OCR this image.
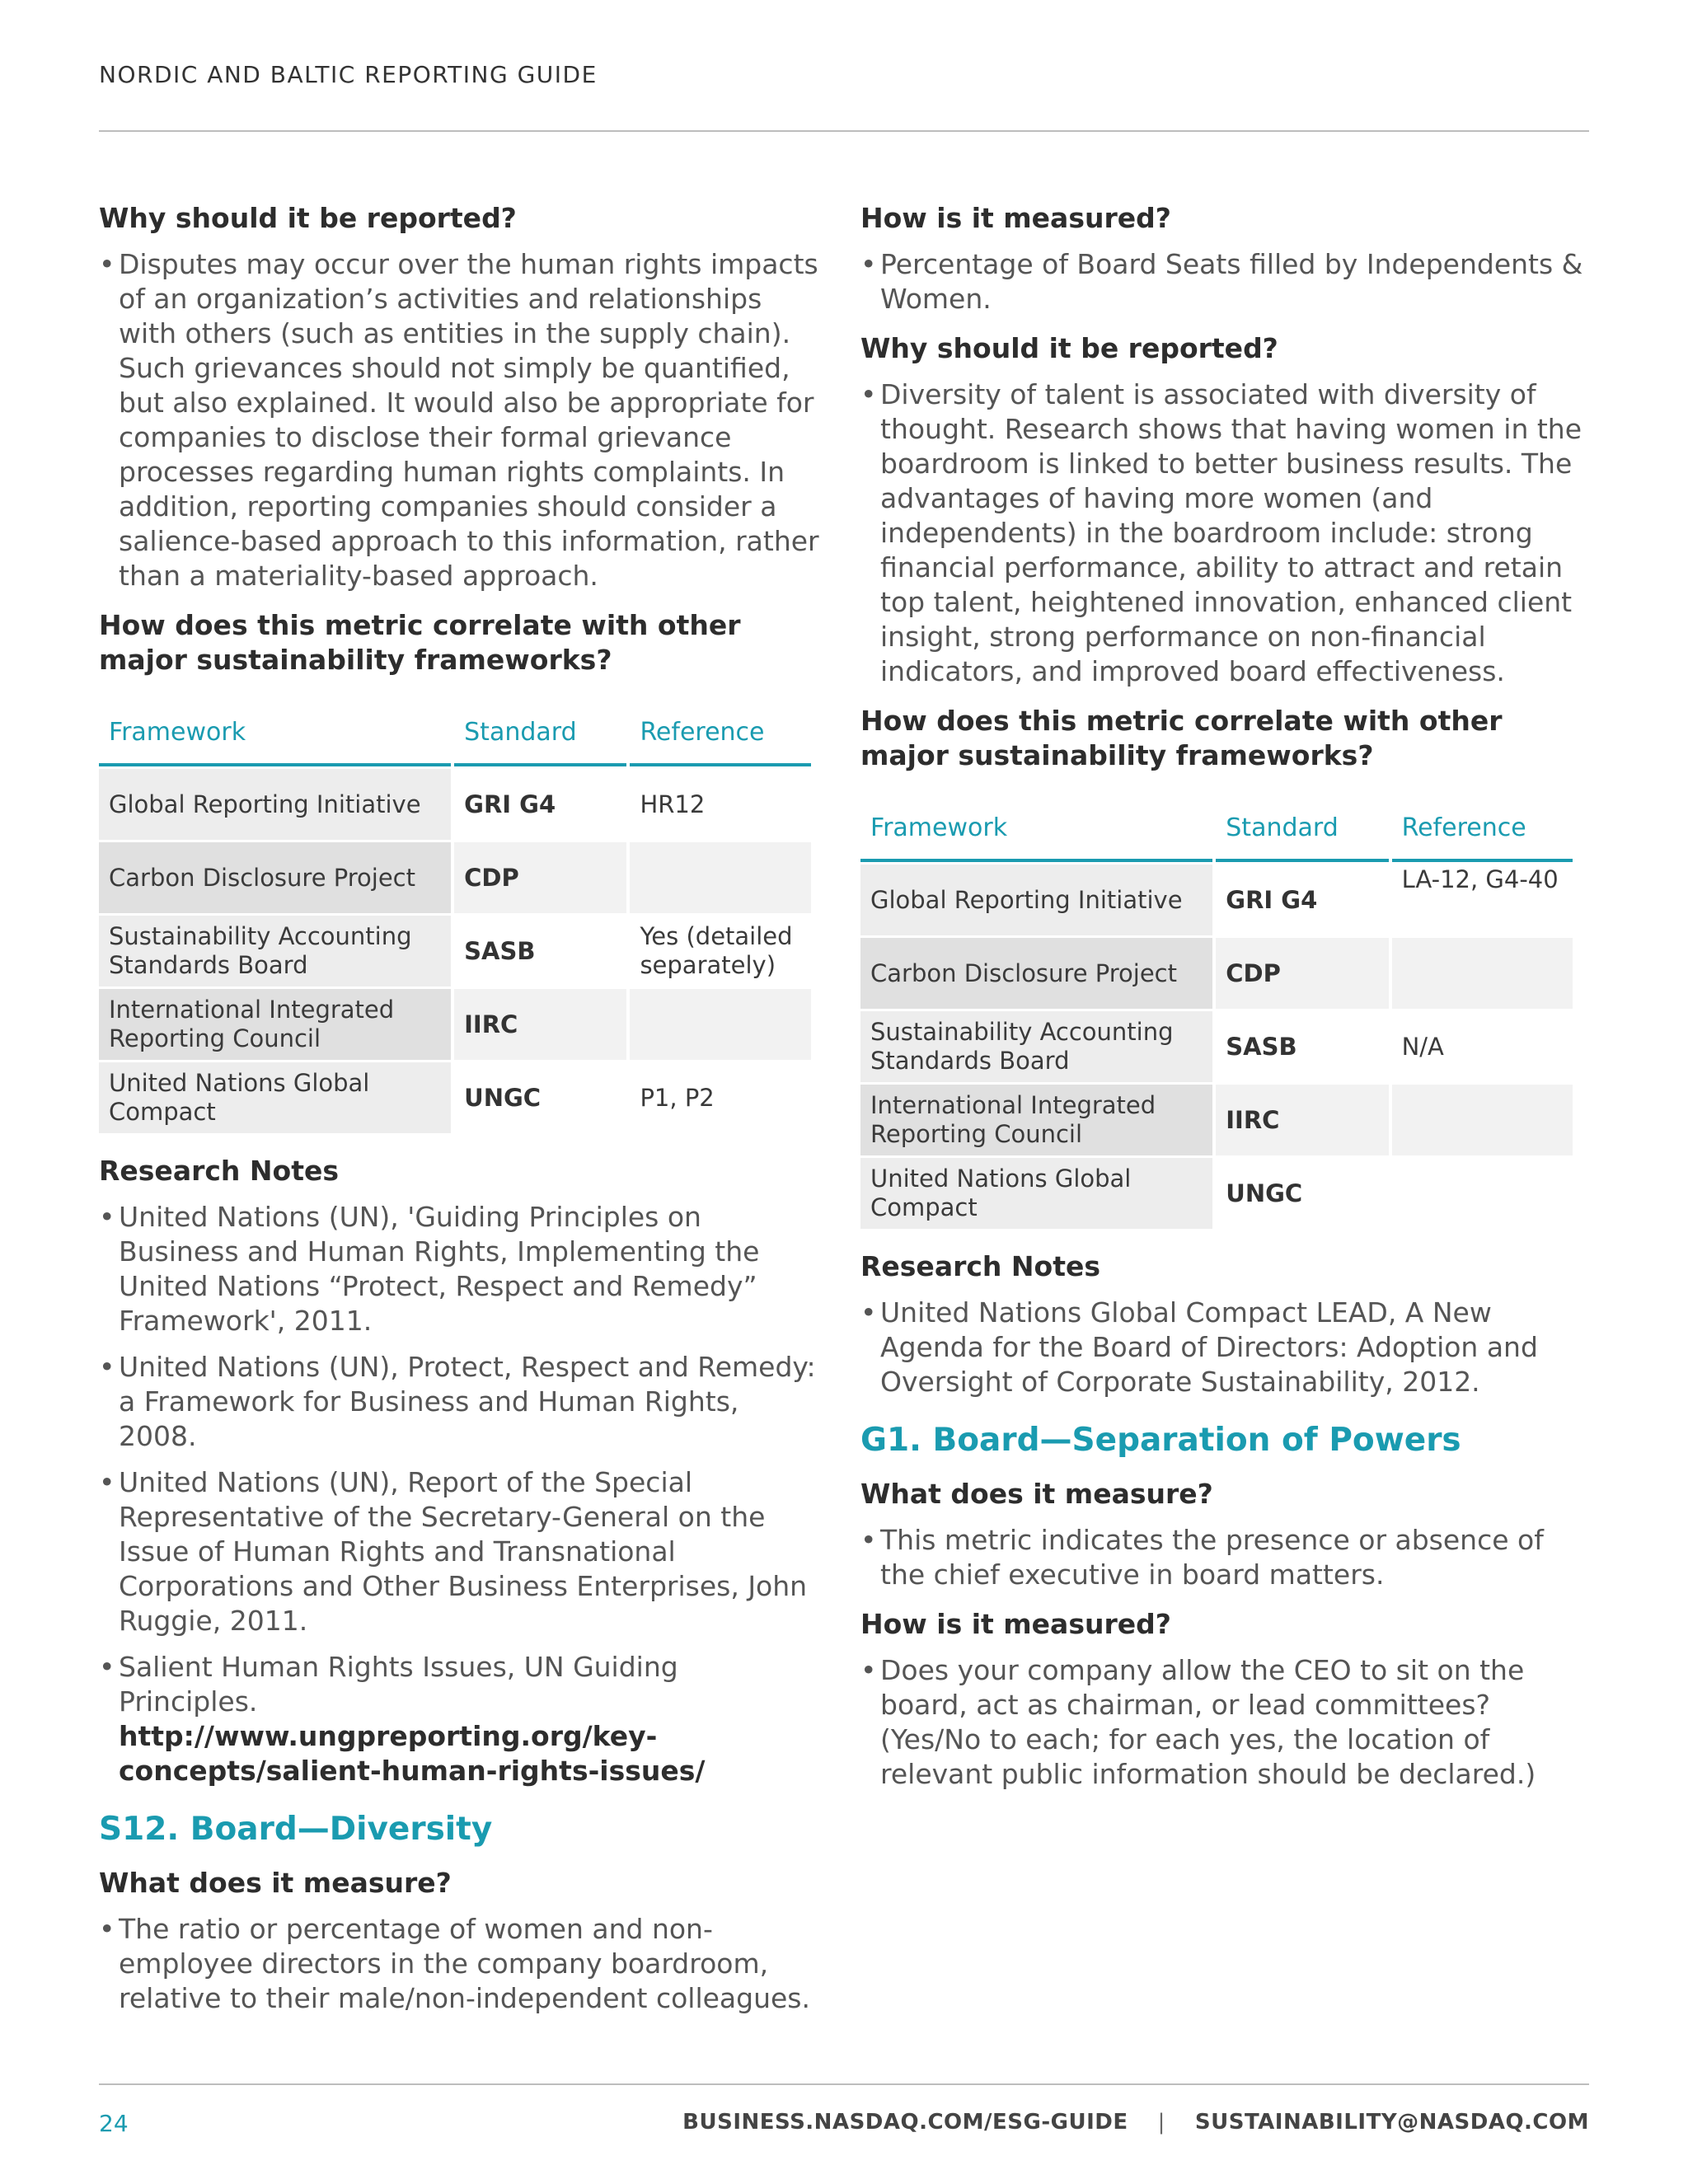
NORDIC AND BALTIC REPORTING GUIDE
Why should it be reported?
• Disputes may occur over the human rights impacts of an organization’s activities and relationships with others (such as entities in the supply chain). Such grievances should not simply be quantified, but also explained. It would also be appropriate for companies to disclose their formal grievance processes regarding human rights complaints. In addition, reporting companies should consider a salience-based approach to this information, rather than a materiality-based approach.
How does this metric correlate with other major sustainability frameworks?
Framework	Standard	Reference
Global Reporting Initiative	GRI G4	HR12
Carbon Disclosure Project	CDP	
Sustainability Accounting Standards Board	SASB	Yes (detailed separately)
International Integrated Reporting Council	IIRC	
United Nations Global Compact	UNGC	P1, P2
Research Notes
• United Nations (UN), 'Guiding Principles on Business and Human Rights, Implementing the United Nations “Protect, Respect and Remedy” Framework', 2011.
• United Nations (UN), Protect, Respect and Remedy: a Framework for Business and Human Rights, 2008.
• United Nations (UN), Report of the Special Representative of the Secretary-General on the Issue of Human Rights and Transnational Corporations and Other Business Enterprises, John Ruggie, 2011.
• Salient Human Rights Issues, UN Guiding Principles.
http://www.ungpreporting.org/key-concepts/salient-human-rights-issues/
S12. Board—Diversity
What does it measure?
• The ratio or percentage of women and non-employee directors in the company boardroom, relative to their male/non-independent colleagues.
How is it measured?
• Percentage of Board Seats filled by Independents & Women.
Why should it be reported?
• Diversity of talent is associated with diversity of thought. Research shows that having women in the boardroom is linked to better business results. The advantages of having more women (and independents) in the boardroom include: strong financial performance, ability to attract and retain top talent, heightened innovation, enhanced client insight, strong performance on non-financial indicators, and improved board effectiveness.
How does this metric correlate with other major sustainability frameworks?
Framework	Standard	Reference
Global Reporting Initiative	GRI G4	LA-12, G4-40
Carbon Disclosure Project	CDP	
Sustainability Accounting Standards Board	SASB	N/A
International Integrated Reporting Council	IIRC	
United Nations Global Compact	UNGC	
Research Notes
• United Nations Global Compact LEAD, A New Agenda for the Board of Directors: Adoption and Oversight of Corporate Sustainability, 2012.
G1. Board—Separation of Powers
What does it measure?
• This metric indicates the presence or absence of the chief executive in board matters.
How is it measured?
• Does your company allow the CEO to sit on the board, act as chairman, or lead committees? (Yes/No to each; for each yes, the location of relevant public information should be declared.)
24	BUSINESS.NASDAQ.COM/ESG-GUIDE | SUSTAINABILITY@NASDAQ.COM
